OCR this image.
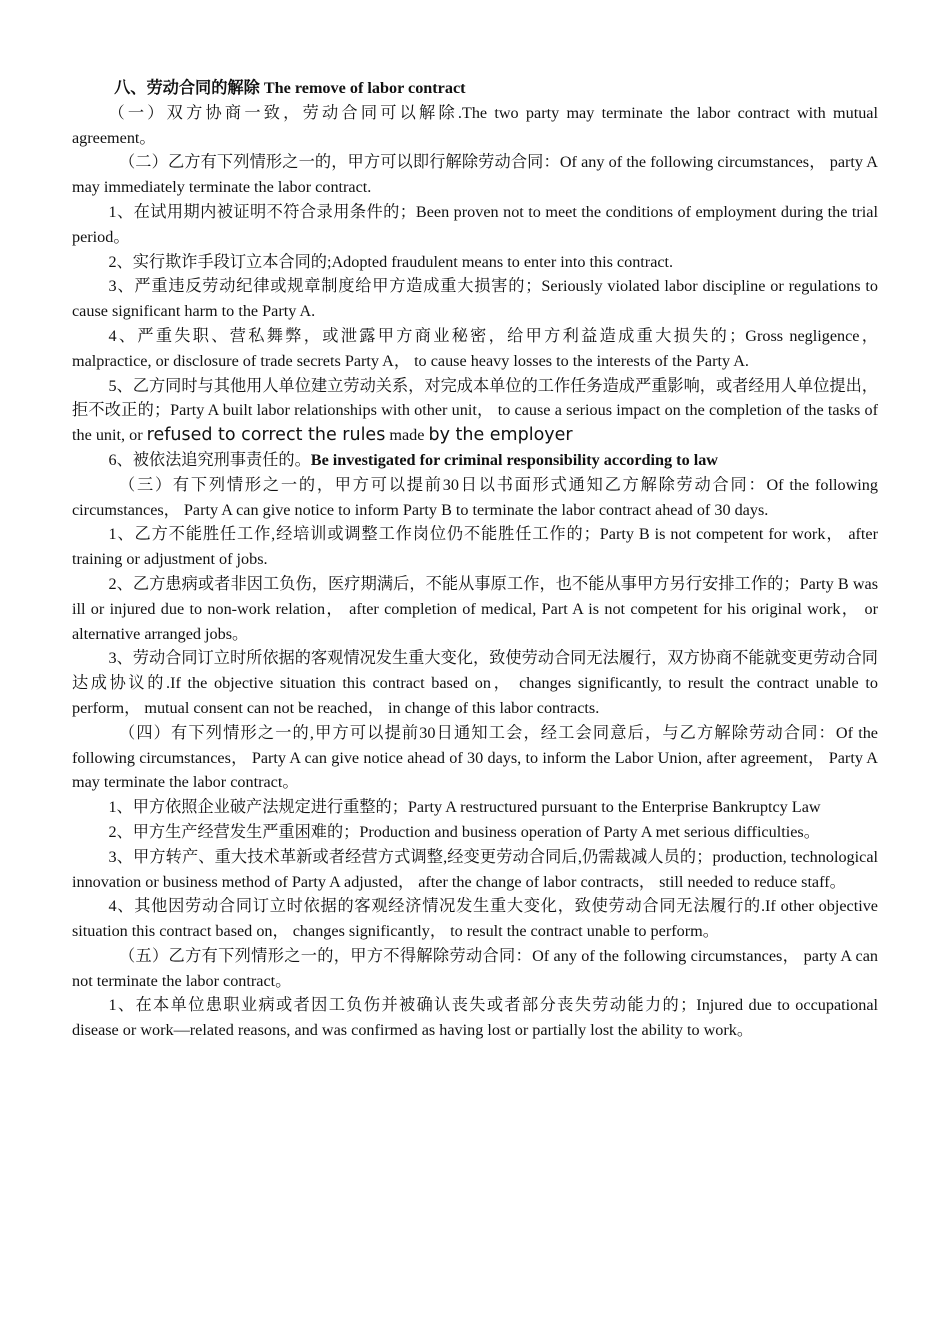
八、劳动合同的解除 The remove of labor contract

（一）双方协商一致，劳动合同可以解除.The two party may terminate the labor contract with mutual agreement。

（二）乙方有下列情形之一的，甲方可以即行解除劳动合同：Of any of the following circumstances， party A may immediately terminate the labor contract.

1、在试用期内被证明不符合录用条件的；Been proven not to meet the conditions of employment during the trial period。

2、实行欺诈手段订立本合同的;Adopted fraudulent means to enter into this contract.

3、严重违反劳动纪律或规章制度给甲方造成重大损害的；Seriously violated labor discipline or regulations to cause significant harm to the Party A.

4、严重失职、营私舞弊，或泄露甲方商业秘密，给甲方利益造成重大损失的；Gross negligence， malpractice, or disclosure of trade secrets Party A， to cause heavy losses to the interests of the Party A.

5、乙方同时与其他用人单位建立劳动关系，对完成本单位的工作任务造成严重影响，或者经用人单位提出，拒不改正的；Party A built labor relationships with other unit， to cause a serious impact on the completion of the tasks of the unit, or refused to correct the rules made by the employer

6、被依法追究刑事责任的。Be investigated for criminal responsibility according to law

（三）有下列情形之一的，甲方可以提前30日以书面形式通知乙方解除劳动合同：Of the following circumstances， Party A can give notice to inform Party B to terminate the labor contract ahead of 30 days.

1、乙方不能胜任工作,经培训或调整工作岗位仍不能胜任工作的；Party B is not competent for work， after training or adjustment of jobs.

2、乙方患病或者非因工负伤，医疗期满后，不能从事原工作，也不能从事甲方另行安排工作的；Party B was ill or injured due to non-work relation， after completion of medical, Part A is not competent for his original work， or alternative arranged jobs。

3、劳动合同订立时所依据的客观情况发生重大变化，致使劳动合同无法履行，双方协商不能就变更劳动合同达成协议的.If the objective situation this contract based on， changes significantly, to result the contract unable to perform， mutual consent can not be reached， in change of this labor contracts.

（四）有下列情形之一的,甲方可以提前30日通知工会，经工会同意后，与乙方解除劳动合同：Of the following circumstances， Party A can give notice ahead of 30 days, to inform the Labor Union, after agreement， Party A may terminate the labor contract。

1、甲方依照企业破产法规定进行重整的；Party A restructured pursuant to the Enterprise Bankruptcy Law

2、甲方生产经营发生严重困难的；Production and business operation of Party A met serious difficulties。

3、甲方转产、重大技术革新或者经营方式调整,经变更劳动合同后,仍需裁减人员的；production, technological innovation or business method of Party A adjusted， after the change of labor contracts， still needed to reduce staff。

4、其他因劳动合同订立时依据的客观经济情况发生重大变化，致使劳动合同无法履行的.If other objective situation this contract based on， changes significantly， to result the contract unable to perform。

（五）乙方有下列情形之一的，甲方不得解除劳动合同：Of any of the following circumstances， party A can not terminate the labor contract。

1、在本单位患职业病或者因工负伤并被确认丧失或者部分丧失劳动能力的；Injured due to occupational disease or work—related reasons, and was confirmed as having lost or partially lost the ability to work。
